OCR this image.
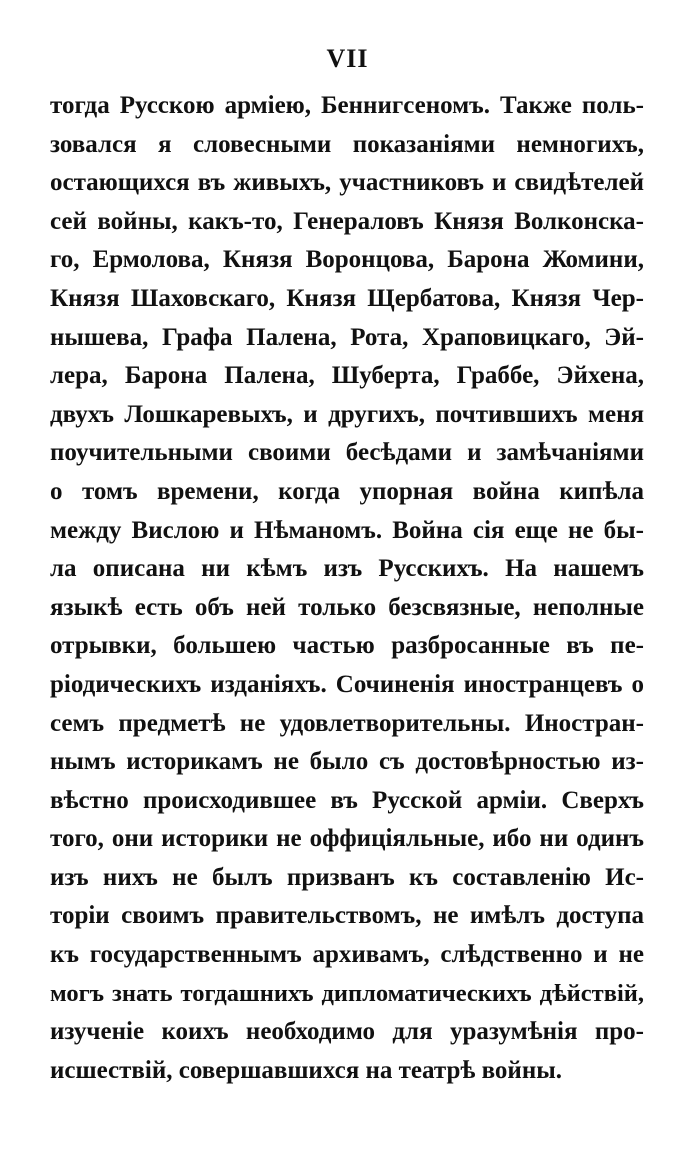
VII
тогда Русскою арміею, Беннигсеномъ. Также поль-
зовался я словесными показаніями немногихъ,
остающихся въ живыхъ, участниковъ и свидѣтелей
сей войны, какъ-то, Генераловъ Князя Волконска-
го, Ермолова, Князя Воронцова, Барона Жомини,
Князя Шаховскаго, Князя Щербатова, Князя Чер-
нышева, Графа Палена, Рота, Храповицкаго, Эй-
лера, Барона Палена, Шуберта, Граббе, Эйхена,
двухъ Лошкаревыхъ, и другихъ, почтившихъ меня
поучительными своими бесѣдами и замѣчаніями
о томъ времени, когда упорная война кипѣла
между Вислою и Нѣманомъ. Война сія еще не бы-
ла описана ни кѣмъ изъ Русскихъ. На нашемъ
языкѣ есть объ ней только безсвязные, неполные
отрывки, большею частью разбросанные въ пе-
ріодическихъ изданіяхъ. Сочиненія иностранцевъ о
семъ предметѣ не удовлетворительны. Иностран-
нымъ историкамъ не было съ достовѣрностью из-
вѣстно происходившее въ Русской арміи. Сверхъ
того, они историки не оффиціяльные, ибо ни одинъ
изъ нихъ не былъ призванъ къ составленію Ис-
торіи своимъ правительствомъ, не имѣлъ доступа
къ государственнымъ архивамъ, слѣдственно и не
могъ знать тогдашнихъ дипломатическихъ дѣйствій,
изученіе коихъ необходимо для уразумѣнія про-
исшествій, совершавшихся на театрѣ войны.
